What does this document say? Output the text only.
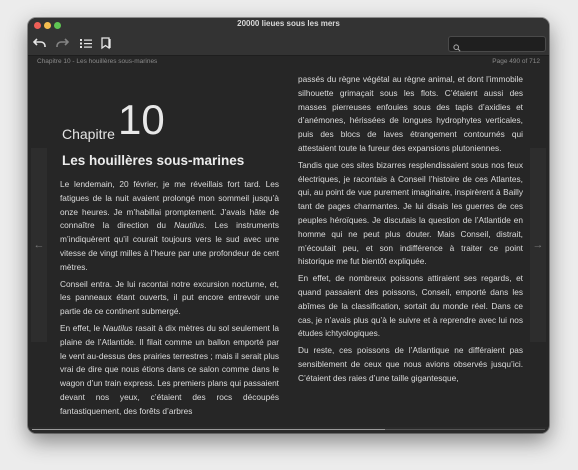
20000 lieues sous les mers
Chapitre 10 - Les houillères sous-marines	Page 490 of 712
←	→
Chapitre 10
Les houillères sous-marines

Le lendemain, 20 février, je me réveillais fort tard. Les fatigues de la nuit avaient prolongé mon sommeil jusqu’à onze heures. Je m’habillai promptement. J’avais hâte de connaître la direction du Nautilus. Les instruments m’indiquèrent qu’il courait toujours vers le sud avec une vitesse de vingt milles à l’heure par une profondeur de cent mètres.

Conseil entra. Je lui racontai notre excursion nocturne, et, les panneaux étant ouverts, il put encore entrevoir une partie de ce continent submergé.

En effet, le Nautilus rasait à dix mètres du sol seulement la plaine de l’Atlantide. Il filait comme un ballon emporté par le vent au-dessus des prairies terrestres ; mais il serait plus vrai de dire que nous étions dans ce salon comme dans le wagon d’un train express. Les premiers plans qui passaient devant nos yeux, c’étaient des rocs découpés fantastiquement, des forêts d’arbres

passés du règne végétal au règne animal, et dont l’immobile silhouette grimaçait sous les flots. C’étaient aussi des masses pierreuses enfouies sous des tapis d’axidies et d’anémones, hérissées de longues hydrophytes verticales, puis des blocs de laves étrangement contournés qui attestaient toute la fureur des expansions plutoniennes.

Tandis que ces sites bizarres resplendissaient sous nos feux électriques, je racontais à Conseil l’histoire de ces Atlantes, qui, au point de vue purement imaginaire, inspirèrent à Bailly tant de pages charmantes. Je lui disais les guerres de ces peuples héroïques. Je discutais la question de l’Atlantide en homme qui ne peut plus douter. Mais Conseil, distrait, m’écoutait peu, et son indifférence à traiter ce point historique me fut bientôt expliquée.

En effet, de nombreux poissons attiraient ses regards, et quand passaient des poissons, Conseil, emporté dans les abîmes de la classification, sortait du monde réel. Dans ce cas, je n’avais plus qu’à le suivre et à reprendre avec lui nos études ichtyologiques.

Du reste, ces poissons de l’Atlantique ne différaient pas sensiblement de ceux que nous avions observés jusqu’ici. C’étaient des raies d’une taille gigantesque,
